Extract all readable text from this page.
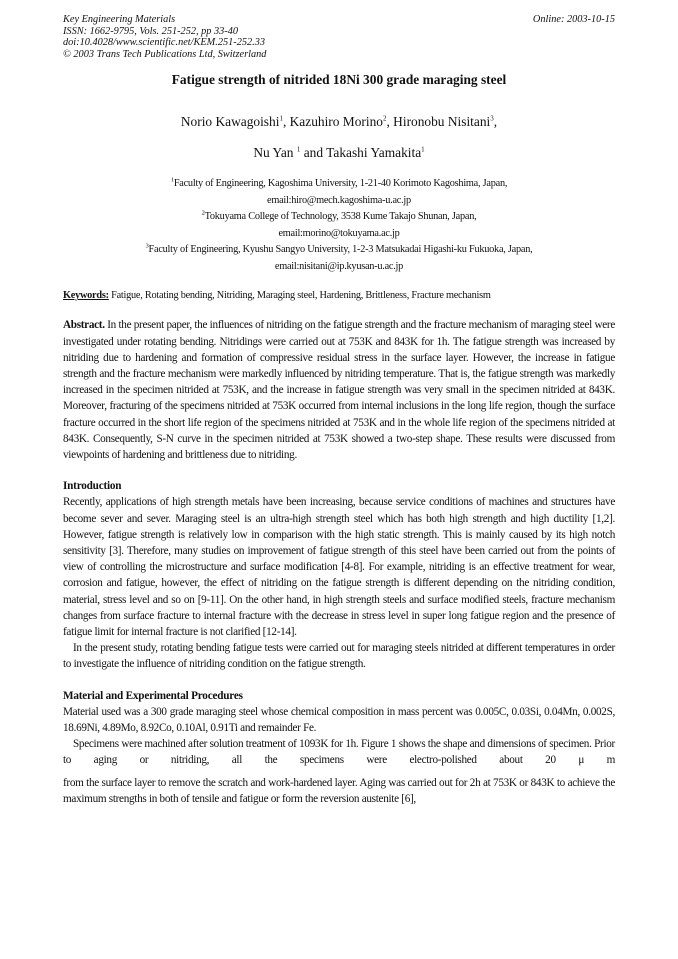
Key Engineering Materials
ISSN: 1662-9795, Vols. 251-252, pp 33-40
doi:10.4028/www.scientific.net/KEM.251-252.33
© 2003 Trans Tech Publications Ltd, Switzerland
Online: 2003-10-15
Fatigue strength of nitrided 18Ni 300 grade maraging steel
Norio Kawagoishi$^1$, Kazuhiro Morino$^2$, Hironobu Nisitani$^3$,
Nu Yan $^1$ and Takashi Yamakita$^1$
$^1$Faculty of Engineering, Kagoshima University, 1-21-40 Korimoto Kagoshima, Japan,
email:hiro@mech.kagoshima-u.ac.jp
$^2$Tokuyama College of Technology, 3538 Kume Takajo Shunan, Japan,
email:morino@tokuyama.ac.jp
$^3$Faculty of Engineering, Kyushu Sangyo University, 1-2-3 Matsukadai Higashi-ku Fukuoka, Japan,
email:nisitani@ip.kyusan-u.ac.jp
Keywords: Fatigue, Rotating bending, Nitriding, Maraging steel, Hardening, Brittleness, Fracture mechanism
Abstract. In the present paper, the influences of nitriding on the fatigue strength and the fracture mechanism of maraging steel were investigated under rotating bending. Nitridings were carried out at 753K and 843K for 1h. The fatigue strength was increased by nitriding due to hardening and formation of compressive residual stress in the surface layer. However, the increase in fatigue strength and the fracture mechanism were markedly influenced by nitriding temperature. That is, the fatigue strength was markedly increased in the specimen nitrided at 753K, and the increase in fatigue strength was very small in the specimen nitrided at 843K. Moreover, fracturing of the specimens nitrided at 753K occurred from internal inclusions in the long life region, though the surface fracture occurred in the short life region of the specimens nitrided at 753K and in the whole life region of the specimens nitrided at 843K. Consequently, S-N curve in the specimen nitrided at 753K showed a two-step shape. These results were discussed from viewpoints of hardening and brittleness due to nitriding.
Introduction
Recently, applications of high strength metals have been increasing, because service conditions of machines and structures have become sever and sever. Maraging steel is an ultra-high strength steel which has both high strength and high ductility [1,2]. However, fatigue strength is relatively low in comparison with the high static strength. This is mainly caused by its high notch sensitivity [3]. Therefore, many studies on improvement of fatigue strength of this steel have been carried out from the points of view of controlling the microstructure and surface modification [4-8]. For example, nitriding is an effective treatment for wear, corrosion and fatigue, however, the effect of nitriding on the fatigue strength is different depending on the nitriding condition, material, stress level and so on [9-11]. On the other hand, in high strength steels and surface modified steels, fracture mechanism changes from surface fracture to internal fracture with the decrease in stress level in super long fatigue region and the presence of fatigue limit for internal fracture is not clarified [12-14].
In the present study, rotating bending fatigue tests were carried out for maraging steels nitrided at different temperatures in order to investigate the influence of nitriding condition on the fatigue strength.
Material and Experimental Procedures
Material used was a 300 grade maraging steel whose chemical composition in mass percent was 0.005C, 0.03Si, 0.04Mn, 0.002S, 18.69Ni, 4.89Mo, 8.92Co, 0.10Al, 0.91Ti and remainder Fe.
Specimens were machined after solution treatment of 1093K for 1h. Figure 1 shows the shape and dimensions of specimen. Prior to aging or nitriding, all the specimens were electro-polished about 20 μ m
from the surface layer to remove the scratch and work-hardened layer. Aging was carried out for 2h at 753K or 843K to achieve the maximum strengths in both of tensile and fatigue or form the reversion austenite [6],
